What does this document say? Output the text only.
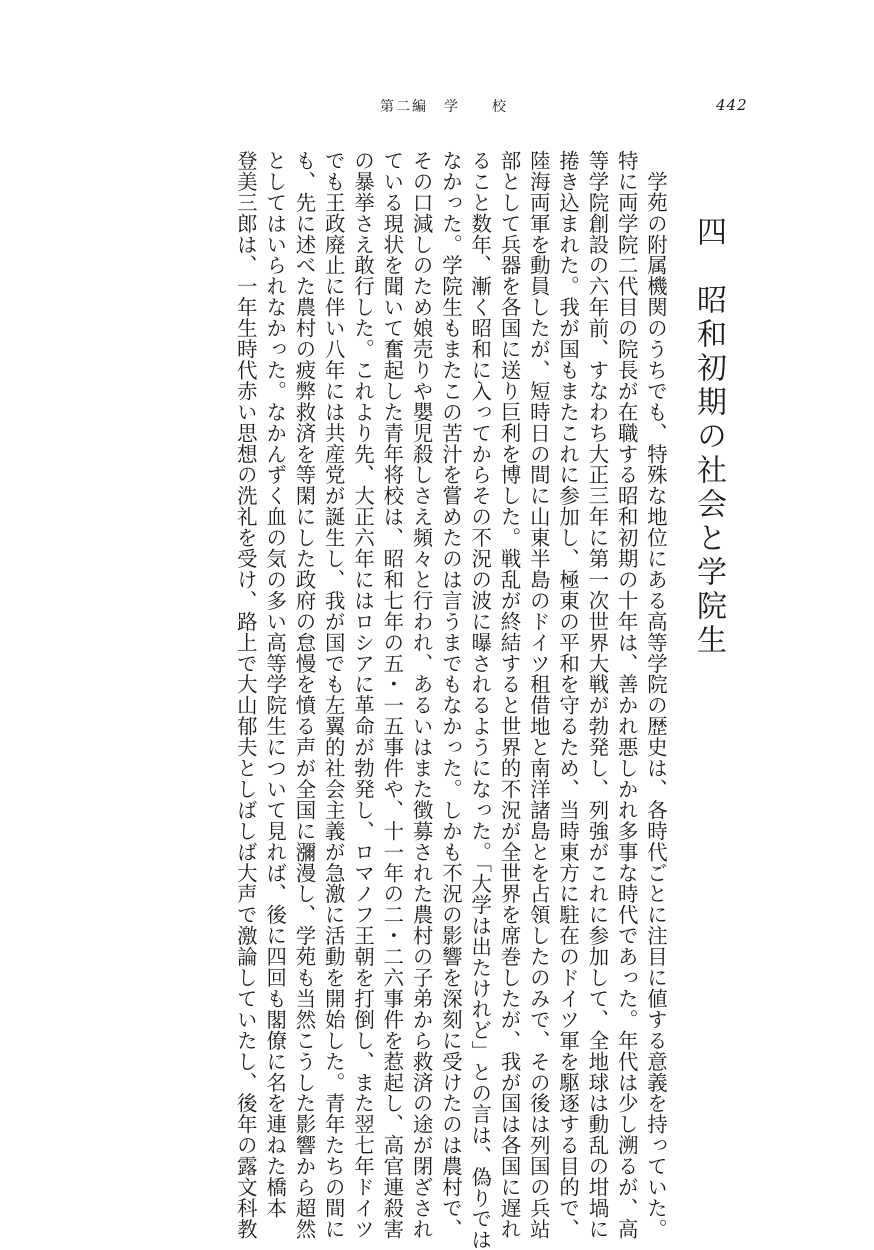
第二編　学　　校	442
四　昭和初期の社会と学院生
　学苑の附属機関のうちでも、特殊な地位にある高等学院の歴史は、各時代ごとに注目に値する意義を持っていた。
特に両学院二代目の院長が在職する昭和初期の十年は、善かれ悪しかれ多事な時代であった。年代は少し溯るが、高
等学院創設の六年前、すなわち大正三年に第一次世界大戦が勃発し、列強がこれに参加して、全地球は動乱の坩堝に
捲き込まれた。我が国もまたこれに参加し、極東の平和を守るため、当時東方に駐在のドイツ軍を駆逐する目的で、
陸海両軍を動員したが、短時日の間に山東半島のドイツ租借地と南洋諸島とを占領したのみで、その後は列国の兵站
部として兵器を各国に送り巨利を博した。戦乱が終結すると世界的不況が全世界を席巻したが、我が国は各国に遅れ
ること数年、漸く昭和に入ってからその不況の波に曝されるようになった。「大学は出たけれど」との言は、偽りでは
なかった。学院生もまたこの苦汁を嘗めたのは言うまでもなかった。しかも不況の影響を深刻に受けたのは農村で、
その口減しのため娘売りや嬰児殺しさえ頻々と行われ、あるいはまた徴募された農村の子弟から救済の途が閉ざされ
ている現状を聞いて奮起した青年将校は、昭和七年の五・一五事件や、十一年の二・二六事件を惹起し、高官連殺害
の暴挙さえ敢行した。これより先、大正六年にはロシアに革命が勃発し、ロマノフ王朝を打倒し、また翌七年ドイツ
でも王政廃止に伴い八年には共産党が誕生し、我が国でも左翼的社会主義が急激に活動を開始した。青年たちの間に
も、先に述べた農村の疲弊救済を等閑にした政府の怠慢を憤る声が全国に瀰漫し、学苑も当然こうした影響から超然
としてはいられなかった。なかんずく血の気の多い高等学院生について見れば、後に四回も閣僚に名を連ねた橋本
登美三郎は、一年生時代赤い思想の洗礼を受け、路上で大山郁夫としばしば大声で激論していたし、後年の露文科教
